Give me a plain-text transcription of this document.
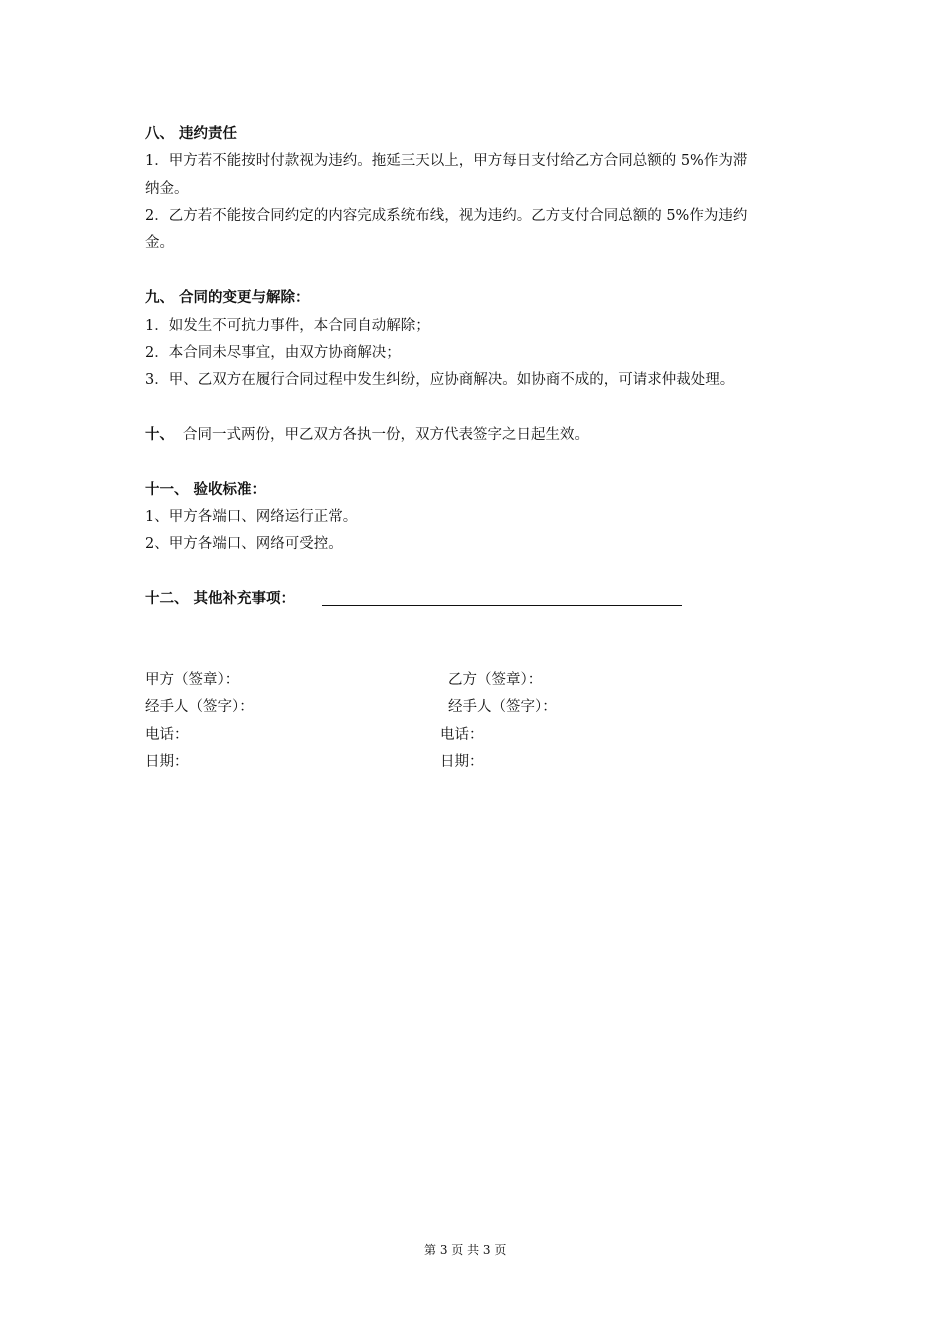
八、 违约责任
1．甲方若不能按时付款视为违约。拖延三天以上，甲方每日支付给乙方合同总额的 5%作为滞
纳金。
2．乙方若不能按合同约定的内容完成系统布线，视为违约。乙方支付合同总额的 5%作为违约
金。
九、 合同的变更与解除：
1．如发生不可抗力事件，本合同自动解除；
2．本合同未尽事宜，由双方协商解决；
3．甲、乙双方在履行合同过程中发生纠纷，应协商解决。如协商不成的，可请求仲裁处理。
十、 合同一式两份，甲乙双方各执一份，双方代表签字之日起生效。
十一、 验收标准：
1、甲方各端口、网络运行正常。
2、甲方各端口、网络可受控。
十二、 其他补充事项：
甲方（签章）：
经手人（签字）：
电话：
日期：
乙方（签章）：
经手人（签字）：
电话：
日期：
第 3 页 共 3 页
